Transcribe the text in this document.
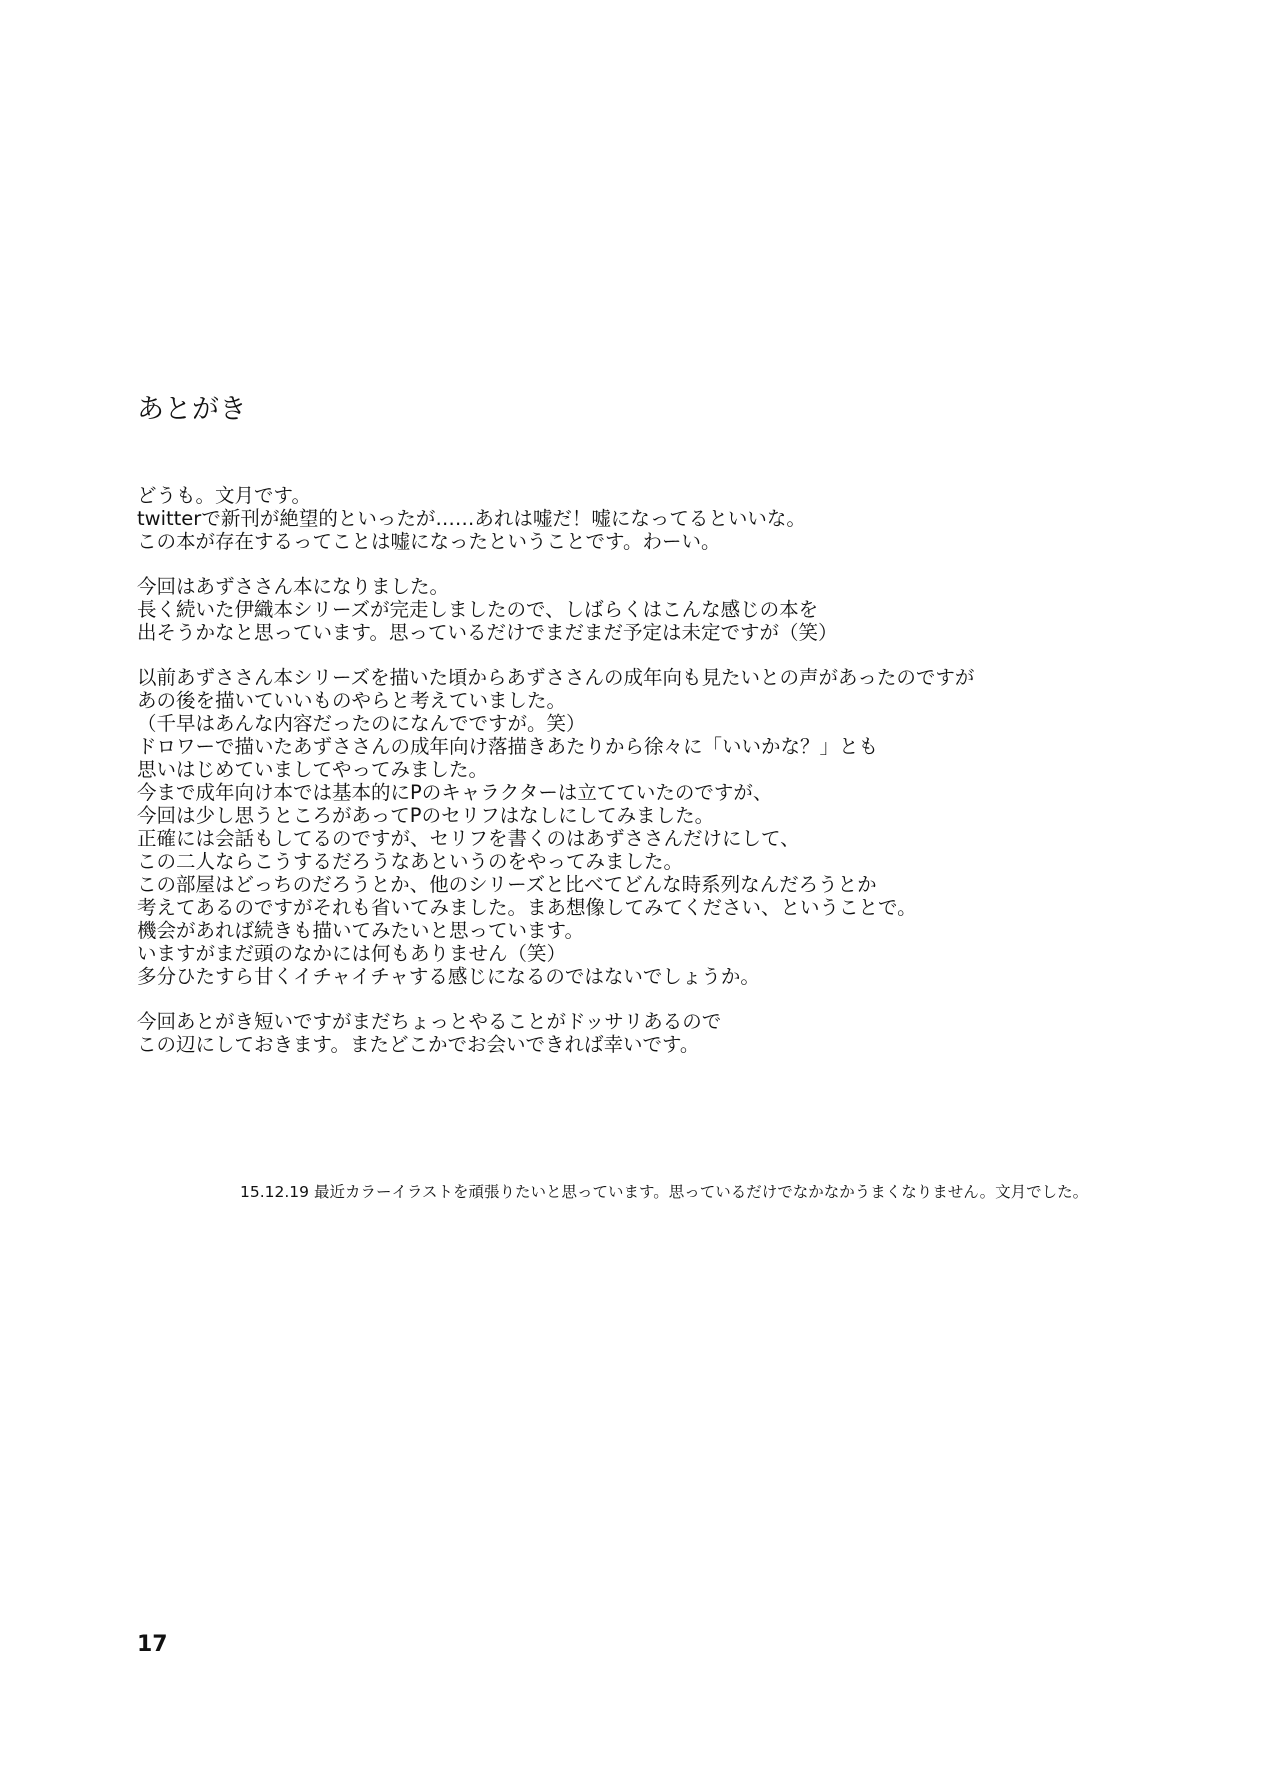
あとがき
どうも。文月です。
twitterで新刊が絶望的といったが……あれは嘘だ！嘘になってるといいな。
この本が存在するってことは嘘になったということです。わーい。
今回はあずささん本になりました。
長く続いた伊織本シリーズが完走しましたので、しばらくはこんな感じの本を
出そうかなと思っています。思っているだけでまだまだ予定は未定ですが（笑）
以前あずささん本シリーズを描いた頃からあずささんの成年向も見たいとの声があったのですが
あの後を描いていいものやらと考えていました。
（千早はあんな内容だったのになんでですが。笑）
ドロワーで描いたあずささんの成年向け落描きあたりから徐々に「いいかな？」とも
思いはじめていましてやってみました。
今まで成年向け本では基本的にPのキャラクターは立てていたのですが、
今回は少し思うところがあってPのセリフはなしにしてみました。
正確には会話もしてるのですが、セリフを書くのはあずささんだけにして、
この二人ならこうするだろうなあというのをやってみました。
この部屋はどっちのだろうとか、他のシリーズと比べてどんな時系列なんだろうとか
考えてあるのですがそれも省いてみました。まあ想像してみてください、ということで。
機会があれば続きも描いてみたいと思っています。
いますがまだ頭のなかには何もありません（笑）
多分ひたすら甘くイチャイチャする感じになるのではないでしょうか。
今回あとがき短いですがまだちょっとやることがドッサリあるので
この辺にしておきます。またどこかでお会いできれば幸いです。
15.12.19 最近カラーイラストを頑張りたいと思っています。思っているだけでなかなかうまくなりません。文月でした。
17
